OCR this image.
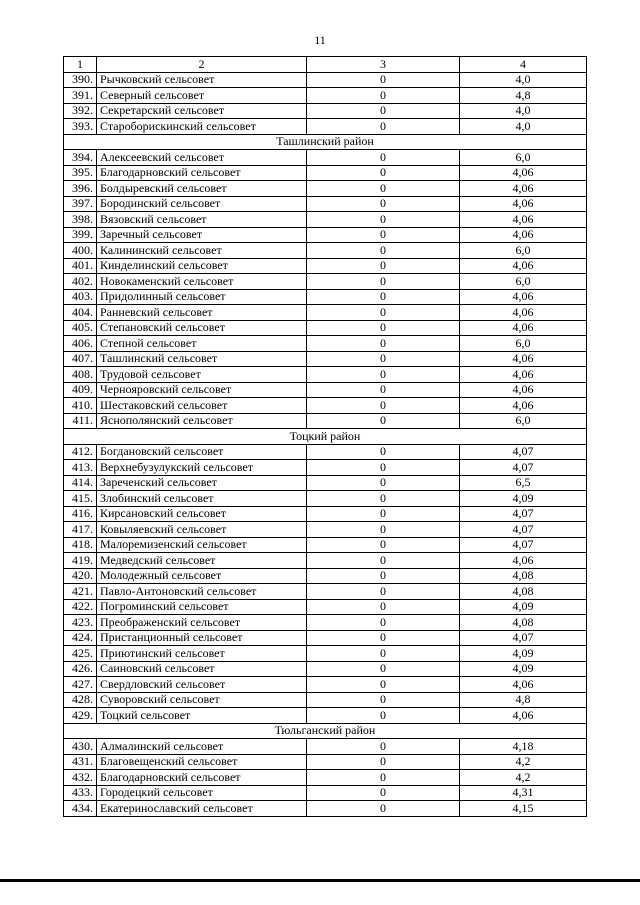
11
1	2	3	4
390.	Рычковский сельсовет	0	4,0
391.	Северный сельсовет	0	4,8
392.	Секретарский сельсовет	0	4,0
393.	Староборискинский сельсовет	0	4,0
Ташлинский район			
394.	Алексеевский сельсовет	0	6,0
395.	Благодарновский сельсовет	0	4,06
396.	Болдыревский сельсовет	0	4,06
397.	Бородинский сельсовет	0	4,06
398.	Вязовский сельсовет	0	4,06
399.	Заречный сельсовет	0	4,06
400.	Калининский сельсовет	0	6,0
401.	Кинделинский сельсовет	0	4,06
402.	Новокаменский сельсовет	0	6,0
403.	Придолинный сельсовет	0	4,06
404.	Ранневский сельсовет	0	4,06
405.	Степановский сельсовет	0	4,06
406.	Степной сельсовет	0	6,0
407.	Ташлинский сельсовет	0	4,06
408.	Трудовой сельсовет	0	4,06
409.	Чернояровский сельсовет	0	4,06
410.	Шестаковский сельсовет	0	4,06
411.	Яснополянский сельсовет	0	6,0
Тоцкий район			
412.	Богдановский сельсовет	0	4,07
413.	Верхнебузулукский сельсовет	0	4,07
414.	Зареченский сельсовет	0	6,5
415.	Злобинский сельсовет	0	4,09
416.	Кирсановский сельсовет	0	4,07
417.	Ковыляевский сельсовет	0	4,07
418.	Малоремизенский сельсовет	0	4,07
419.	Медведский сельсовет	0	4,06
420.	Молодежный сельсовет	0	4,08
421.	Павло-Антоновский сельсовет	0	4,08
422.	Погроминский сельсовет	0	4,09
423.	Преображенский сельсовет	0	4,08
424.	Пристанционный сельсовет	0	4,07
425.	Приютинский сельсовет	0	4,09
426.	Саиновский сельсовет	0	4,09
427.	Свердловский сельсовет	0	4,06
428.	Суворовский сельсовет	0	4,8
429.	Тоцкий сельсовет	0	4,06
Тюльганский район			
430.	Алмалинский сельсовет	0	4,18
431.	Благовещенский сельсовет	0	4,2
432.	Благодарновский сельсовет	0	4,2
433.	Городецкий сельсовет	0	4,31
434.	Екатеринославский сельсовет	0	4,15
